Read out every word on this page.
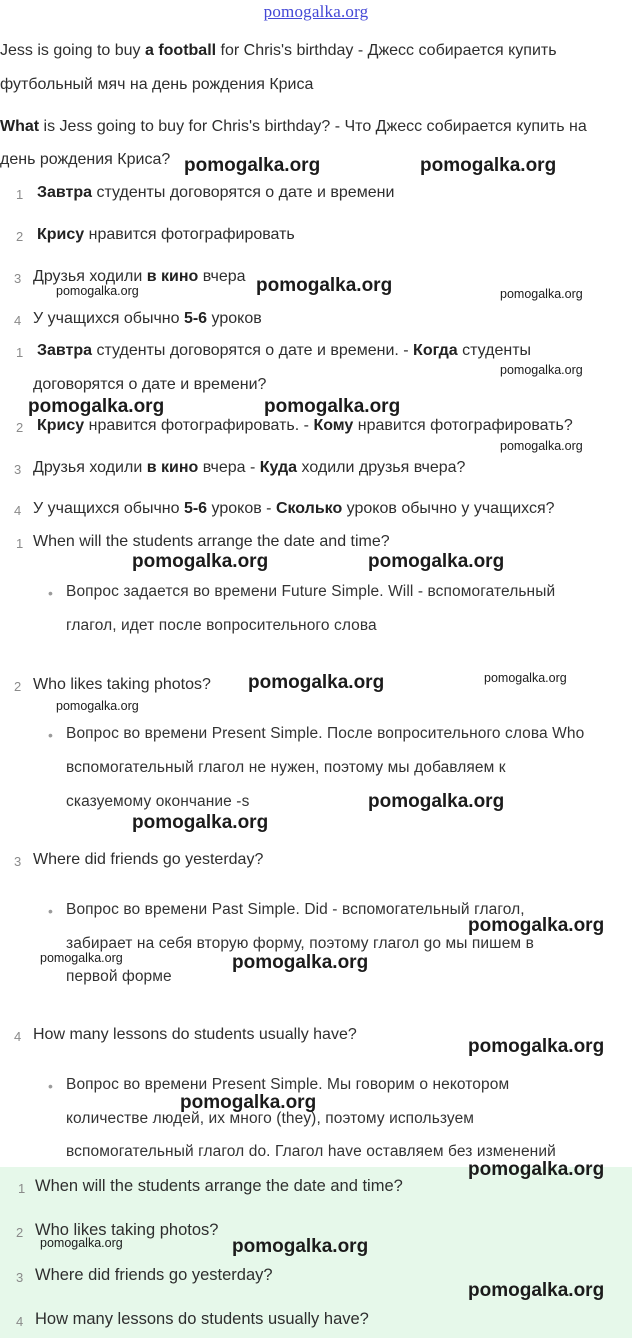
pomogalka.org
Jess is going to buy a football for Chris's birthday - Джесс собирается купить
футбольный мяч на день рождения Криса
What is Jess going to buy for Chris's birthday? - Что Джесс собирается купить на
день рождения Криса?
1 Завтра студенты договорятся о дате и времени
2 Крису нравится фотографировать
3 Друзья ходили в кино вчера
4 У учащихся обычно 5-6 уроков
1 Завтра студенты договорятся о дате и времени. - Когда студенты
договорятся о дате и времени?
2 Крису нравится фотографировать. - Кому нравится фотографировать?
3 Друзья ходили в кино вчера - Куда ходили друзья вчера?
4 У учащихся обычно 5-6 уроков - Сколько уроков обычно у учащихся?
1 When will the students arrange the date and time?
• Вопрос задается во времени Future Simple. Will - вспомогательный
глагол, идет после вопросительного слова
2 Who likes taking photos?
• Вопрос во времени Present Simple. После вопросительного слова Who
вспомогательный глагол не нужен, поэтому мы добавляем к
сказуемому окончание -s
3 Where did friends go yesterday?
• Вопрос во времени Past Simple. Did - вспомогательный глагол,
забирает на себя вторую форму, поэтому глагол go мы пишем в
первой форме
4 How many lessons do students usually have?
• Вопрос во времени Present Simple. Мы говорим о некотором
количестве людей, их много (they), поэтому используем
вспомогательный глагол do. Глагол have оставляем без изменений
1 When will the students arrange the date and time?
2 Who likes taking photos?
3 Where did friends go yesterday?
4 How many lessons do students usually have?
pomogalka.org	pomogalka.org
pomogalka.org
pomogalka.org	pomogalka.org
pomogalka.org
pomogalka.org	pomogalka.org
pomogalka.org
pomogalka.org	pomogalka.org
pomogalka.org	pomogalka.org
pomogalka.org
pomogalka.org
pomogalka.org
pomogalka.org
pomogalka.org	pomogalka.org
pomogalka.org
pomogalka.org
pomogalka.org
pomogalka.org	pomogalka.org
pomogalka.org
